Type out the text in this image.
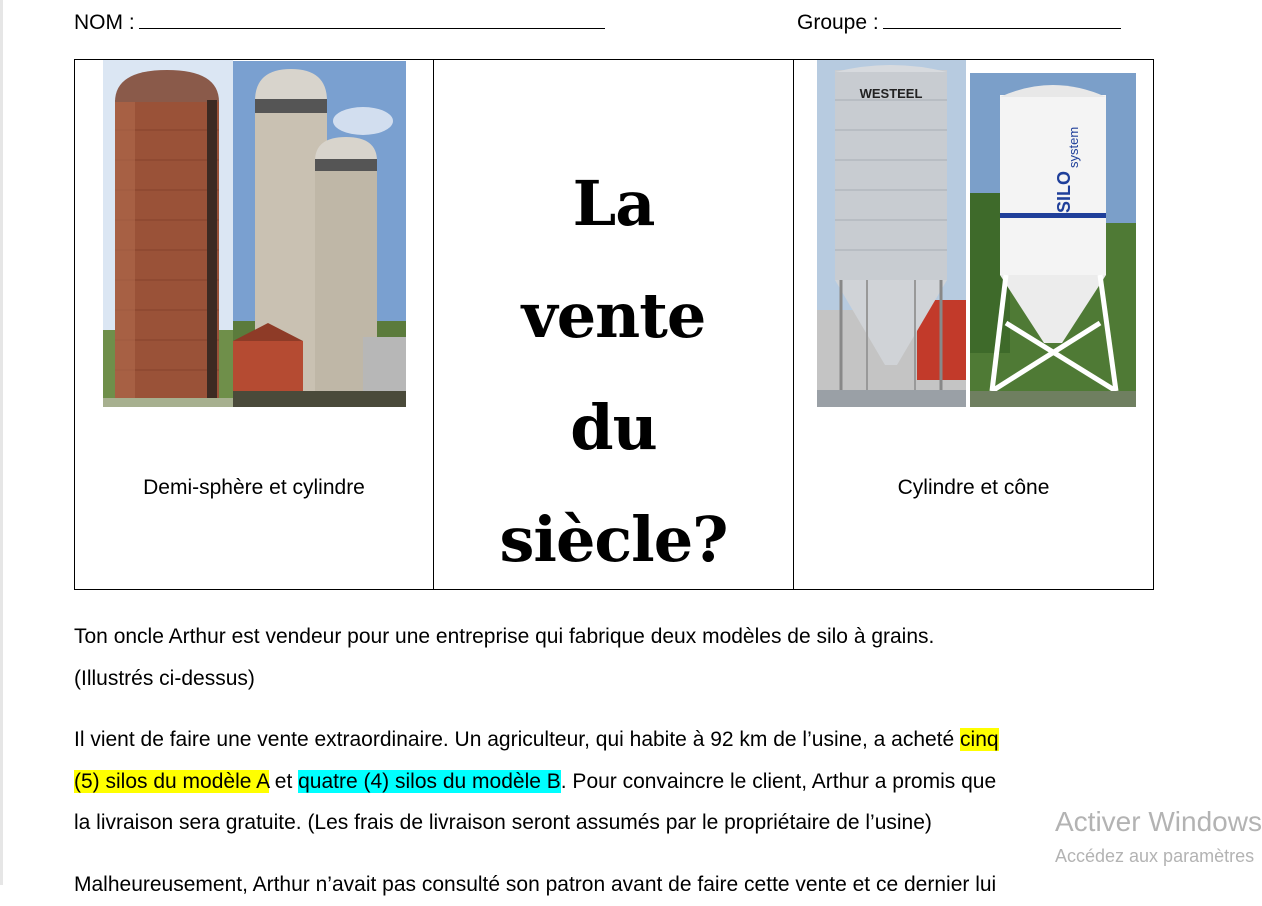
NOM :	Groupe :
Demi-sphère et cylindre
La
vente
du
siècle?
WESTEEL
SILO
system
Cylindre et cône
Ton oncle Arthur est vendeur pour une entreprise qui fabrique deux modèles de silo à grains.
(Illustrés ci-dessus)
Il vient de faire une vente extraordinaire. Un agriculteur, qui habite à 92 km de l’usine, a acheté cinq
(5) silos du modèle A et quatre (4) silos du modèle B. Pour convaincre le client, Arthur a promis que
la livraison sera gratuite. (Les frais de livraison seront assumés par le propriétaire de l’usine)
Malheureusement, Arthur n’avait pas consulté son patron avant de faire cette vente et ce dernier lui
Activer Windows
Accédez aux paramètres
